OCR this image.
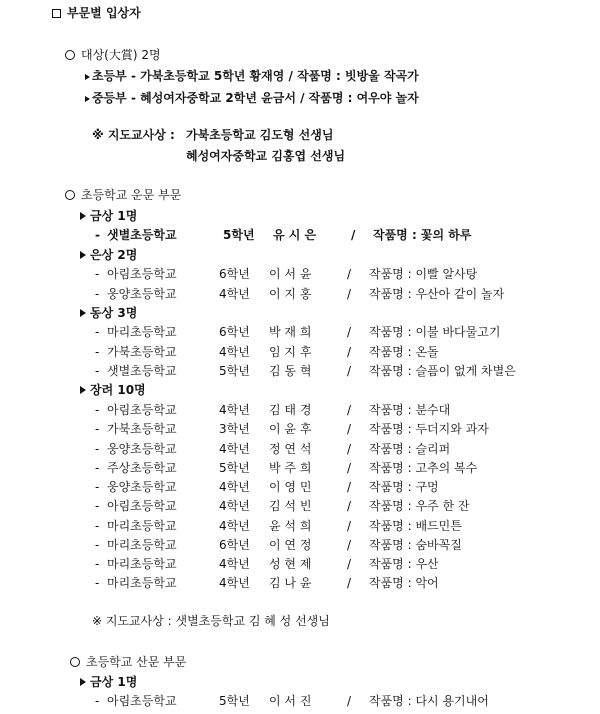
부문별 입상자
대상(大賞) 2명
초등부 - 가북초등학교 5학년 황재영 / 작품명 : 빗방울 작곡가
중등부 - 혜성여자중학교 2학년 윤금서 / 작품명 : 여우야 놀자
※ 지도교사상 : 가북초등학교 김도형 선생님
혜성여자중학교 김홍엽 선생님
초등학교 운문 부문
금상 1명
- 샛별초등학교	5학년 유 시 은	/ 작품명 : 꽃의 하루
은상 2명
- 아림초등학교	6학년 이 서 윤	/ 작품명 : 이빨 알사탕
- 웅양초등학교	4학년 이 지 홍	/ 작품명 : 우산아 같이 놀자
동상 3명
- 마리초등학교	6학년 박 재 희	/ 작품명 : 이불 바다물고기
- 가북초등학교	4학년 임 지 후	/ 작품명 : 온돌
- 샛별초등학교	5학년 김 동 혁	/ 작품명 : 슬픔이 없게 차별은
장려 10명
- 아림초등학교	4학년 김 태 경	/ 작품명 : 분수대
- 가북초등학교	3학년 이 윤 후	/ 작품명 : 두더지와 과자
- 웅양초등학교	4학년 정 연 석	/ 작품명 : 슬리퍼
- 주상초등학교	5학년 박 주 희	/ 작품명 : 고추의 복수
- 웅양초등학교	4학년 이 영 민	/ 작품명 : 구멍
- 아림초등학교	4학년 김 석 빈	/ 작품명 : 우주 한 잔
- 마리초등학교	4학년 윤 석 희	/ 작품명 : 배드민튼
- 마리초등학교	6학년 이 연 정	/ 작품명 : 숨바꼭질
- 마리초등학교	4학년 성 현 제	/ 작품명 : 우산
- 마리초등학교	4학년 김 나 윤	/ 작품명 : 악어
※ 지도교사상 : 샛별초등학교 김 혜 성 선생님
초등학교 산문 부문
금상 1명
- 아림초등학교	5학년 이 서 진	/ 작품명 : 다시 용기내어
